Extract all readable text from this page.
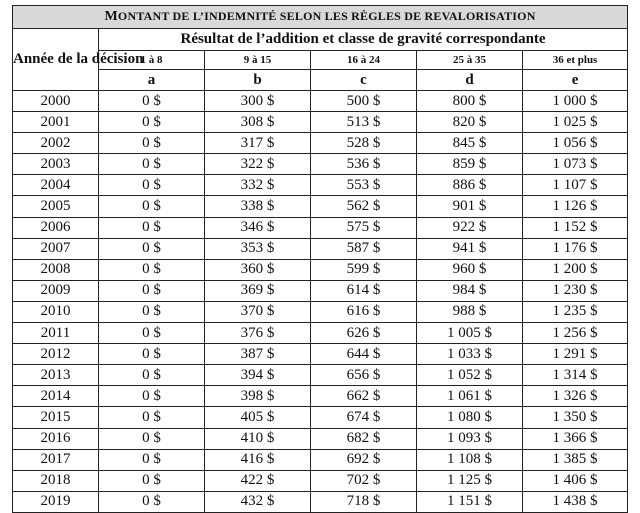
MONTANT DE L’INDEMNITÉ SELON LES RÈGLES DE REVALORISATION					
Année de la décision	Résultat de l’addition et classe de gravité correspondante				
	1 à 8	9 à 15	16 à 24	25 à 35	36 et plus
	a	b	c	d	e
2000	0 $	300 $	500 $	800 $	1 000 $
2001	0 $	308 $	513 $	820 $	1 025 $
2002	0 $	317 $	528 $	845 $	1 056 $
2003	0 $	322 $	536 $	859 $	1 073 $
2004	0 $	332 $	553 $	886 $	1 107 $
2005	0 $	338 $	562 $	901 $	1 126 $
2006	0 $	346 $	575 $	922 $	1 152 $
2007	0 $	353 $	587 $	941 $	1 176 $
2008	0 $	360 $	599 $	960 $	1 200 $
2009	0 $	369 $	614 $	984 $	1 230 $
2010	0 $	370 $	616 $	988 $	1 235 $
2011	0 $	376 $	626 $	1 005 $	1 256 $
2012	0 $	387 $	644 $	1 033 $	1 291 $
2013	0 $	394 $	656 $	1 052 $	1 314 $
2014	0 $	398 $	662 $	1 061 $	1 326 $
2015	0 $	405 $	674 $	1 080 $	1 350 $
2016	0 $	410 $	682 $	1 093 $	1 366 $
2017	0 $	416 $	692 $	1 108 $	1 385 $
2018	0 $	422 $	702 $	1 125 $	1 406 $
2019	0 $	432 $	718 $	1 151 $	1 438 $
